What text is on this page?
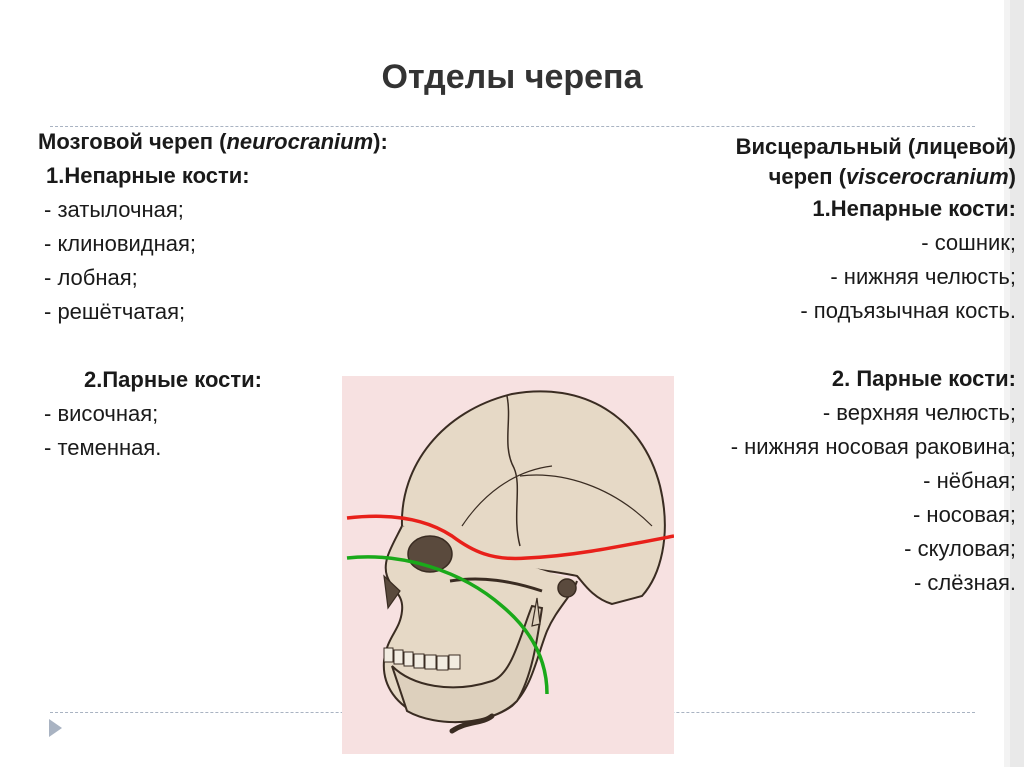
Отделы черепа
Мозговой череп (neurocranium):
1.Непарные кости:
- затылочная;
- клиновидная;
- лобная;
- решётчатая;
2.Парные кости:
- височная;
- теменная.
Висцеральный (лицевой)
череп (viscerocranium)
1.Непарные кости:
- сошник;
- нижняя челюсть;
- подъязычная кость.
2. Парные кости:
- верхняя челюсть;
- нижняя носовая раковина;
- нёбная;
- носовая;
- скуловая;
- слёзная.
